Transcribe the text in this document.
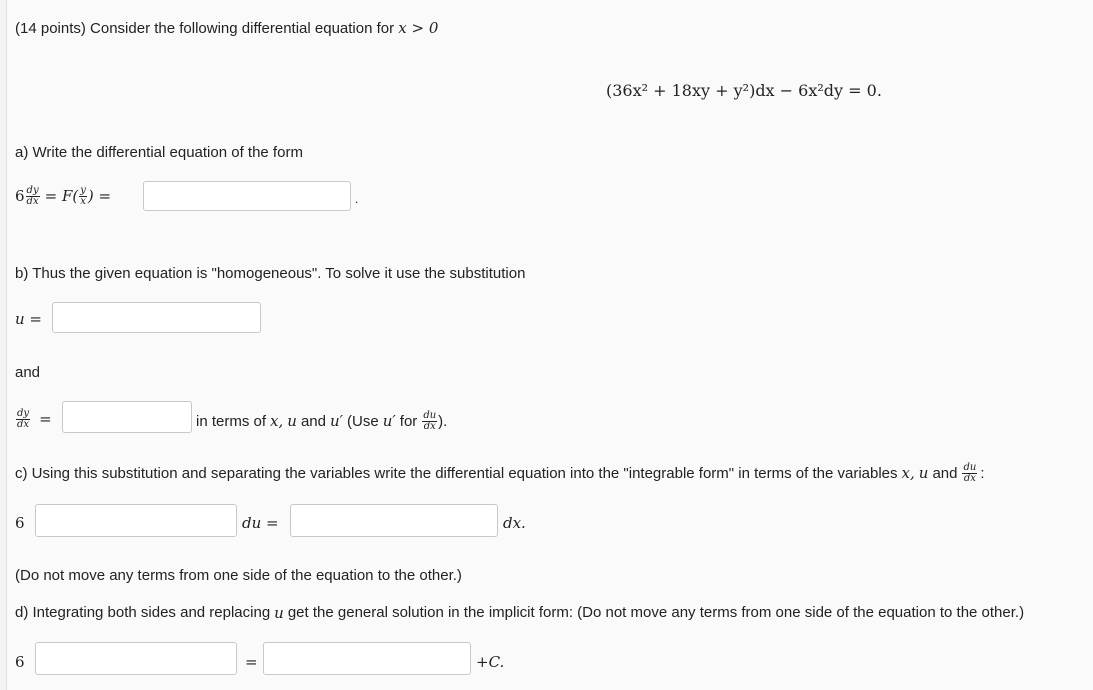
(14 points) Consider the following differential equation for x > 0
(36x² + 18xy + y²)dx − 6x²dy = 0.
a) Write the differential equation of the form
$6 \frac{dy}{dx} = F( \frac{y}{x}$ ) =	.
b) Thus the given equation is "homogeneous". To solve it use the substitution
u =
and
$\frac{dy}{dx}$ =	in terms of x, u and u′ (Use u′ for $\frac{du}{dx}$ ).
c) Using this substitution and separating the variables write the differential equation into the "integrable form" in terms of the variables x, u and $\frac{du}{dx}$ :
6	du =	dx.
(Do not move any terms from one side of the equation to the other.)
d) Integrating both sides and replacing u get the general solution in the implicit form: (Do not move any terms from one side of the equation to the other.)
6	=	+C.
